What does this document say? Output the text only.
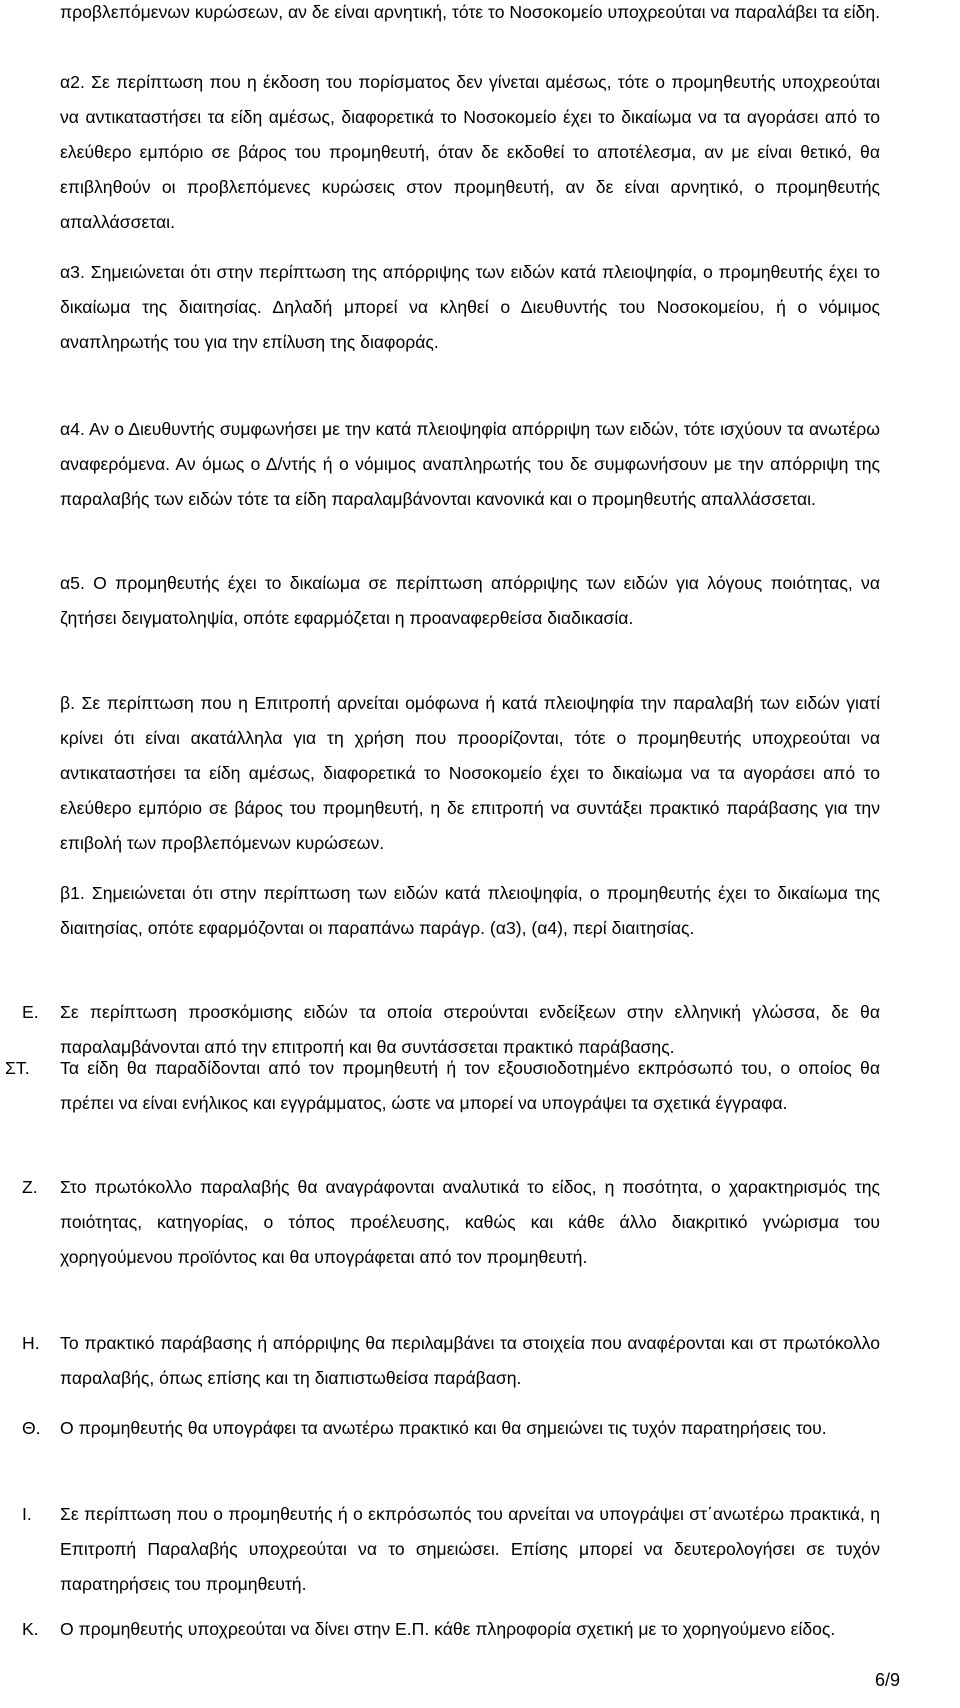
προβλεπόμενων κυρώσεων, αν δε είναι αρνητική, τότε το Νοσοκομείο υποχρεούται να παραλάβει τα είδη.

α2. Σε περίπτωση που η έκδοση του πορίσματος δεν γίνεται αμέσως, τότε ο προμηθευτής υποχρεούται να αντικαταστήσει τα είδη αμέσως, διαφορετικά το Νοσοκομείο έχει το δικαίωμα να τα αγοράσει από το ελεύθερο εμπόριο σε βάρος του προμηθευτή, όταν δε εκδοθεί το αποτέλεσμα, αν με είναι θετικό, θα επιβληθούν οι προβλεπόμενες κυρώσεις στον προμηθευτή, αν δε είναι αρνητικό, ο προμηθευτής απαλλάσσεται.

α3. Σημειώνεται ότι στην περίπτωση της απόρριψης των ειδών κατά πλειοψηφία, ο προμηθευτής έχει το δικαίωμα της διαιτησίας. Δηλαδή μπορεί να κληθεί ο Διευθυντής του Νοσοκομείου, ή ο νόμιμος αναπληρωτής του για την επίλυση της διαφοράς.

α4. Αν ο Διευθυντής συμφωνήσει με την κατά πλειοψηφία απόρριψη των ειδών, τότε ισχύουν τα ανωτέρω αναφερόμενα. Αν όμως ο Δ/ντής ή ο νόμιμος αναπληρωτής του δε συμφωνήσουν με την απόρριψη της παραλαβής των ειδών τότε τα είδη παραλαμβάνονται κανονικά και ο προμηθευτής απαλλάσσεται.

α5. Ο προμηθευτής έχει το δικαίωμα σε περίπτωση απόρριψης των ειδών για λόγους ποιότητας, να ζητήσει δειγματοληψία, οπότε εφαρμόζεται η προαναφερθείσα διαδικασία.

β. Σε περίπτωση που η Επιτροπή αρνείται ομόφωνα ή κατά πλειοψηφία την παραλαβή των ειδών γιατί κρίνει ότι είναι ακατάλληλα για τη χρήση που προορίζονται, τότε ο προμηθευτής υποχρεούται να αντικαταστήσει τα είδη αμέσως, διαφορετικά το Νοσοκομείο έχει το δικαίωμα να τα αγοράσει από το ελεύθερο εμπόριο σε βάρος του προμηθευτή, η δε επιτροπή να συντάξει πρακτικό παράβασης για την επιβολή των προβλεπόμενων κυρώσεων.

β1. Σημειώνεται ότι στην περίπτωση των ειδών κατά πλειοψηφία, ο προμηθευτής έχει το δικαίωμα της διαιτησίας, οπότε εφαρμόζονται οι παραπάνω παράγρ. (α3), (α4), περί διαιτησίας.

Ε. Σε περίπτωση προσκόμισης ειδών τα οποία στερούνται ενδείξεων στην ελληνική γλώσσα, δε θα παραλαμβάνονται από την επιτροπή και θα συντάσσεται πρακτικό παράβασης.

ΣΤ. Τα είδη θα παραδίδονται από τον προμηθευτή ή τον εξουσιοδοτημένο εκπρόσωπό του, ο οποίος θα πρέπει να είναι ενήλικος και εγγράμματος, ώστε να μπορεί να υπογράψει τα σχετικά έγγραφα.

Ζ. Στο πρωτόκολλο παραλαβής θα αναγράφονται αναλυτικά το είδος, η ποσότητα, ο χαρακτηρισμός της ποιότητας, κατηγορίας, ο τόπος προέλευσης, καθώς και κάθε άλλο διακριτικό γνώρισμα του χορηγούμενου προϊόντος και θα υπογράφεται από τον προμηθευτή.

Η. Το πρακτικό παράβασης ή απόρριψης θα περιλαμβάνει τα στοιχεία που αναφέρονται και στ πρωτόκολλο παραλαβής, όπως επίσης και τη διαπιστωθείσα παράβαση.

Θ. Ο προμηθευτής θα υπογράφει τα ανωτέρω πρακτικό και θα σημειώνει τις τυχόν παρατηρήσεις του.

Ι. Σε περίπτωση που ο προμηθευτής ή ο εκπρόσωπός του αρνείται να υπογράψει στ΄ανωτέρω πρακτικά, η Επιτροπή Παραλαβής υποχρεούται να το σημειώσει. Επίσης μπορεί να δευτερολογήσει σε τυχόν παρατηρήσεις του προμηθευτή.

Κ. Ο προμηθευτής υποχρεούται να δίνει στην Ε.Π. κάθε πληροφορία σχετική με το χορηγούμενο είδος.

6/9
